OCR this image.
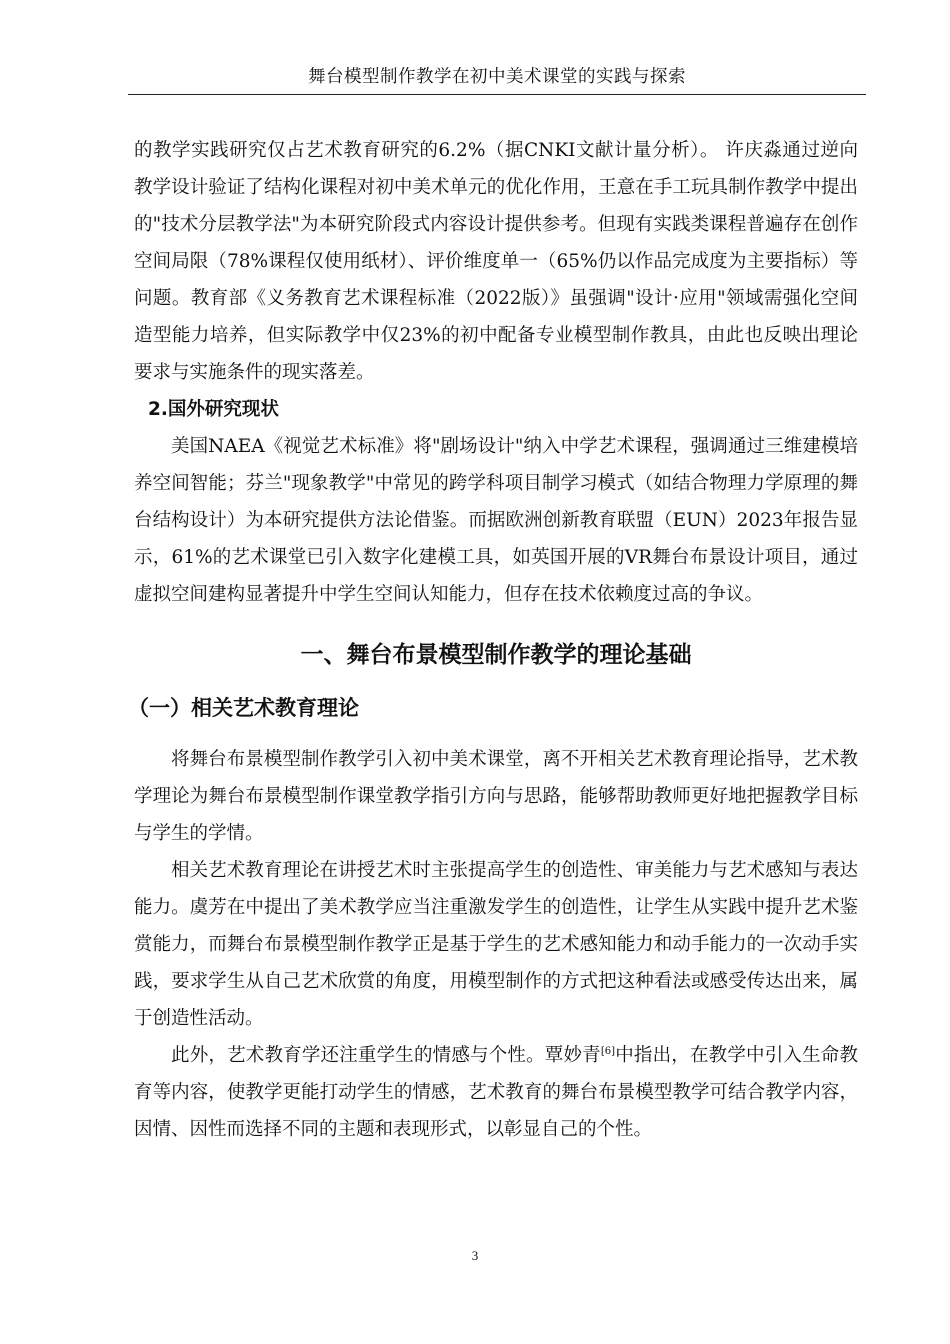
舞台模型制作教学在初中美术课堂的实践与探索

的教学实践研究仅占艺术教育研究的6.2%（据CNKI文献计量分析）。 许庆淼通过逆向教学设计验证了结构化课程对初中美术单元的优化作用，王意在手工玩具制作教学中提出的"技术分层教学法"为本研究阶段式内容设计提供参考。但现有实践类课程普遍存在创作空间局限（78%课程仅使用纸材）、评价维度单一（65%仍以作品完成度为主要指标）等问题。教育部《义务教育艺术课程标准（2022版）》虽强调"设计·应用"领域需强化空间造型能力培养，但实际教学中仅23%的初中配备专业模型制作教具，由此也反映出理论要求与实施条件的现实落差。

2.国外研究现状

美国NAEA《视觉艺术标准》将"剧场设计"纳入中学艺术课程，强调通过三维建模培养空间智能；芬兰"现象教学"中常见的跨学科项目制学习模式（如结合物理力学原理的舞台结构设计）为本研究提供方法论借鉴。而据欧洲创新教育联盟（EUN）2023年报告显示，61%的艺术课堂已引入数字化建模工具，如英国开展的VR舞台布景设计项目，通过虚拟空间建构显著提升中学生空间认知能力，但存在技术依赖度过高的争议。

一、舞台布景模型制作教学的理论基础
（一）相关艺术教育理论

将舞台布景模型制作教学引入初中美术课堂，离不开相关艺术教育理论指导，艺术教学理论为舞台布景模型制作课堂教学指引方向与思路，能够帮助教师更好地把握教学目标与学生的学情。

相关艺术教育理论在讲授艺术时主张提高学生的创造性、审美能力与艺术感知与表达能力。虞芳在中提出了美术教学应当注重激发学生的创造性，让学生从实践中提升艺术鉴赏能力，而舞台布景模型制作教学正是基于学生的艺术感知能力和动手能力的一次动手实践，要求学生从自己艺术欣赏的角度，用模型制作的方式把这种看法或感受传达出来，属于创造性活动。

此外，艺术教育学还注重学生的情感与个性。覃妙青[6]中指出，在教学中引入生命教育等内容，使教学更能打动学生的情感，艺术教育的舞台布景模型教学可结合教学内容，因情、因性而选择不同的主题和表现形式，以彰显自己的个性。

3
